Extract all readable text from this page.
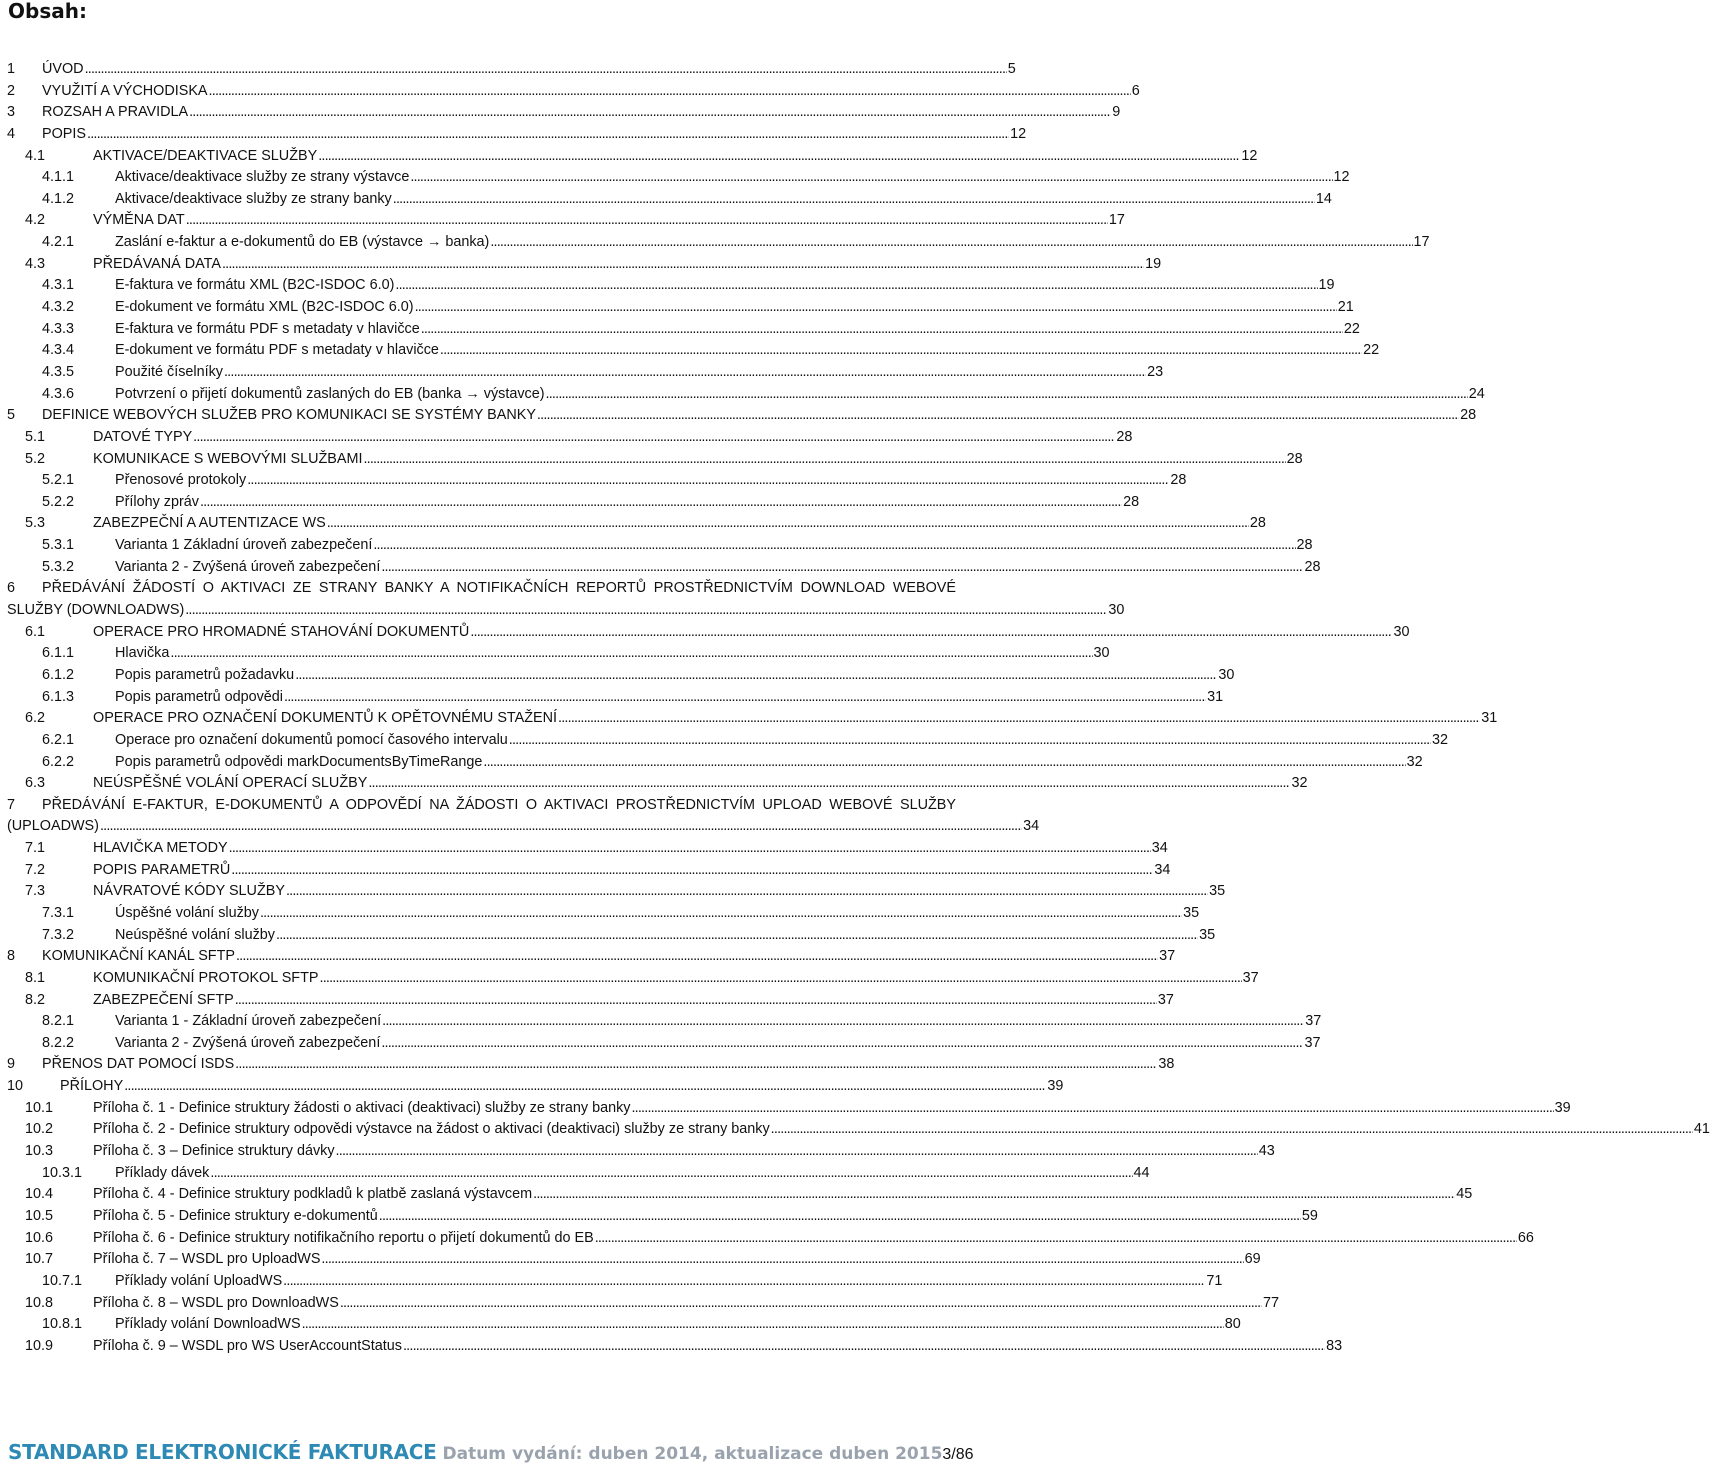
Obsah:
1	ÚVOD . . .	5
2	VYUŽITÍ A VÝCHODISKA . . .	6
3	ROZSAH A PRAVIDLA . . .	9
4	POPIS . . .	12
4.1	AKTIVACE/DEAKTIVACE SLUŽBY . . .	12
4.1.1	Aktivace/deaktivace služby ze strany výstavce . . .	12
4.1.2	Aktivace/deaktivace služby ze strany banky . . .	14
4.2	VÝMĚNA DAT . . .	17
4.2.1	Zaslání e-faktur a e-dokumentů do EB (výstavce → banka) . . .	17
4.3	PŘEDÁVANÁ DATA . . .	19
4.3.1	E-faktura ve formátu XML (B2C-ISDOC 6.0) . . .	19
4.3.2	E-dokument ve formátu XML (B2C-ISDOC 6.0) . . .	21
4.3.3	E-faktura ve formátu PDF s metadaty v hlavičce . . .	22
4.3.4	E-dokument ve formátu PDF s metadaty v hlavičce . . .	22
4.3.5	Použité číselníky . . .	23
4.3.6	Potvrzení o přijetí dokumentů zaslaných do EB (banka → výstavce) . . .	24
5	DEFINICE WEBOVÝCH SLUŽEB PRO KOMUNIKACI SE SYSTÉMY BANKY . . .	28
5.1	DATOVÉ TYPY . . .	28
5.2	KOMUNIKACE S WEBOVÝMI SLUŽBAMI . . .	28
5.2.1	Přenosové protokoly . . .	28
5.2.2	Přílohy zpráv . . .	28
5.3	ZABEZPEČNÍ A AUTENTIZACE WS . . .	28
5.3.1	Varianta 1 Základní úroveň zabezpečení . . .	28
5.3.2	Varianta 2 - Zvýšená úroveň zabezpečení . . .	28
6	PŘEDÁVÁNÍ ŽÁDOSTÍ O AKTIVACI ZE STRANY BANKY A NOTIFIKAČNÍCH REPORTŮ PROSTŘEDNICTVÍM DOWNLOAD WEBOVÉ
SLUŽBY (DOWNLOADWS) . . .	30
6.1	OPERACE PRO HROMADNÉ STAHOVÁNÍ DOKUMENTŮ . . .	30
6.1.1	Hlavička . . .	30
6.1.2	Popis parametrů požadavku . . .	30
6.1.3	Popis parametrů odpovědi . . .	31
6.2	OPERACE PRO OZNAČENÍ DOKUMENTŮ K OPĚTOVNÉMU STAŽENÍ . . .	31
6.2.1	Operace pro označení dokumentů pomocí časového intervalu . . .	32
6.2.2	Popis parametrů odpovědi markDocumentsByTimeRange . . .	32
6.3	NEÚSPĚŠNÉ VOLÁNÍ OPERACÍ SLUŽBY . . .	32
7	PŘEDÁVÁNÍ E-FAKTUR, E-DOKUMENTŮ A ODPOVĚDÍ NA ŽÁDOSTI O AKTIVACI PROSTŘEDNICTVÍM UPLOAD WEBOVÉ SLUŽBY
(UPLOADWS) . . .	34
7.1	HLAVIČKA METODY . . .	34
7.2	POPIS PARAMETRŮ . . .	34
7.3	NÁVRATOVÉ KÓDY SLUŽBY . . .	35
7.3.1	Úspěšné volání služby . . .	35
7.3.2	Neúspěšné volání služby . . .	35
8	KOMUNIKAČNÍ KANÁL SFTP . . .	37
8.1	KOMUNIKAČNÍ PROTOKOL SFTP . . .	37
8.2	ZABEZPEČENÍ SFTP . . .	37
8.2.1	Varianta 1 - Základní úroveň zabezpečení . . .	37
8.2.2	Varianta 2 - Zvýšená úroveň zabezpečení . . .	37
9	PŘENOS DAT POMOCÍ ISDS . . .	38
10	PŘÍLOHY . . .	39
10.1	Příloha č. 1 - Definice struktury žádosti o aktivaci (deaktivaci) služby ze strany banky . . .	39
10.2	Příloha č. 2 - Definice struktury odpovědi výstavce na žádost o aktivaci (deaktivaci) služby ze strany banky . . .	41
10.3	Příloha č. 3 – Definice struktury dávky . . .	43
10.3.1	Příklady dávek . . .	44
10.4	Příloha č. 4 - Definice struktury podkladů k platbě zaslaná výstavcem . . .	45
10.5	Příloha č. 5 - Definice struktury e-dokumentů . . .	59
10.6	Příloha č. 6 - Definice struktury notifikačního reportu o přijetí dokumentů do EB . . .	66
10.7	Příloha č. 7 – WSDL pro UploadWS . . .	69
10.7.1	Příklady volání UploadWS . . .	71
10.8	Příloha č. 8 – WSDL pro DownloadWS . . .	77
10.8.1	Příklady volání DownloadWS . . .	80
10.9	Příloha č. 9 – WSDL pro WS UserAccountStatus . . .	83
STANDARD ELEKTRONICKÉ FAKTURACE Datum vydání: duben 2014, aktualizace duben 2015 3/86
